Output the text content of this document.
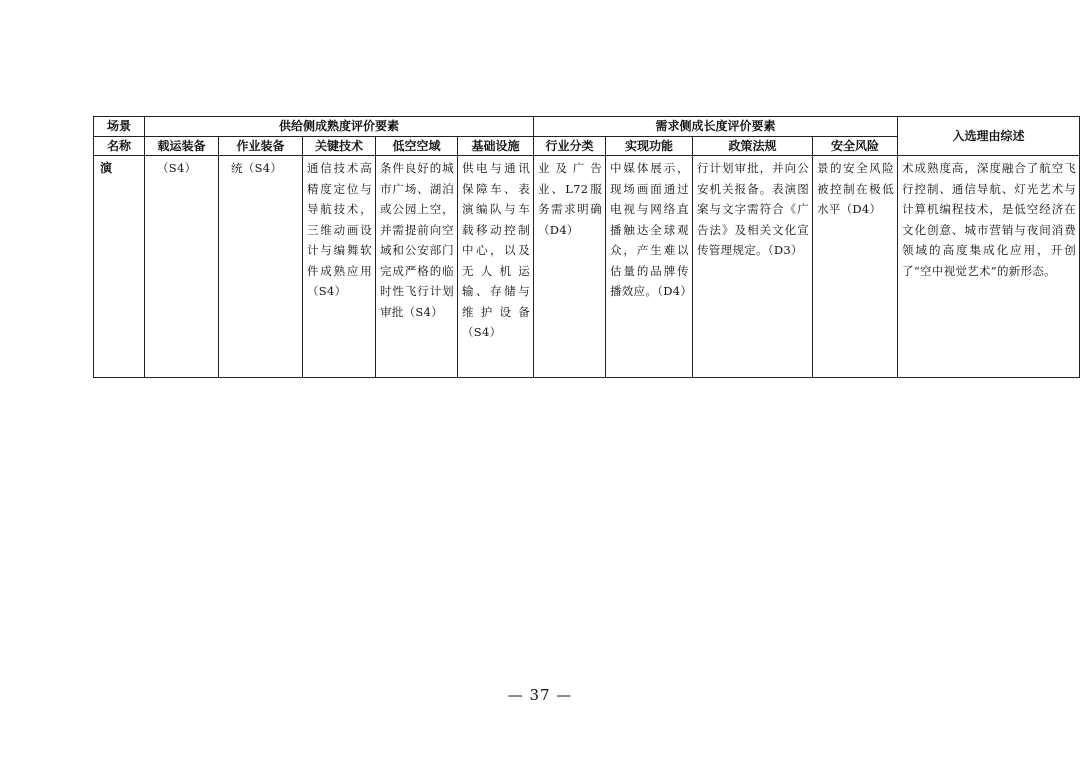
场景	供给侧成熟度评价要素					需求侧成长度评价要素				入选理由综述
名称	载运装备	作业装备	关键技术	低空空域	基础设施	行业分类	实现功能	政策法规	安全风险	
演	（S4）	统（S4）	通信技术高精度定位与导航技术，三维动画设计与编舞软件成熟应用（S4）	条件良好的城市广场、湖泊或公园上空，并需提前向空域和公安部门完成严格的临时性飞行计划审批（S4）	供电与通讯保障车、表演编队与车载移动控制中心，以及无人机运输、存储与维护设备（S4）	业及广告业、L72服务需求明确（D4）	中媒体展示，现场画面通过电视与网络直播触达全球观众，产生难以估量的品牌传播效应。（D4）	行计划审批，并向公安机关报备。表演图案与文字需符合《广告法》及相关文化宣传管理规定。（D3）	景的安全风险被控制在极低水平（D4）	术成熟度高，深度融合了航空飞行控制、通信导航、灯光艺术与计算机编程技术，是低空经济在文化创意、城市营销与夜间消费领域的高度集成化应用，开创了“空中视觉艺术”的新形态。
— 37 —
